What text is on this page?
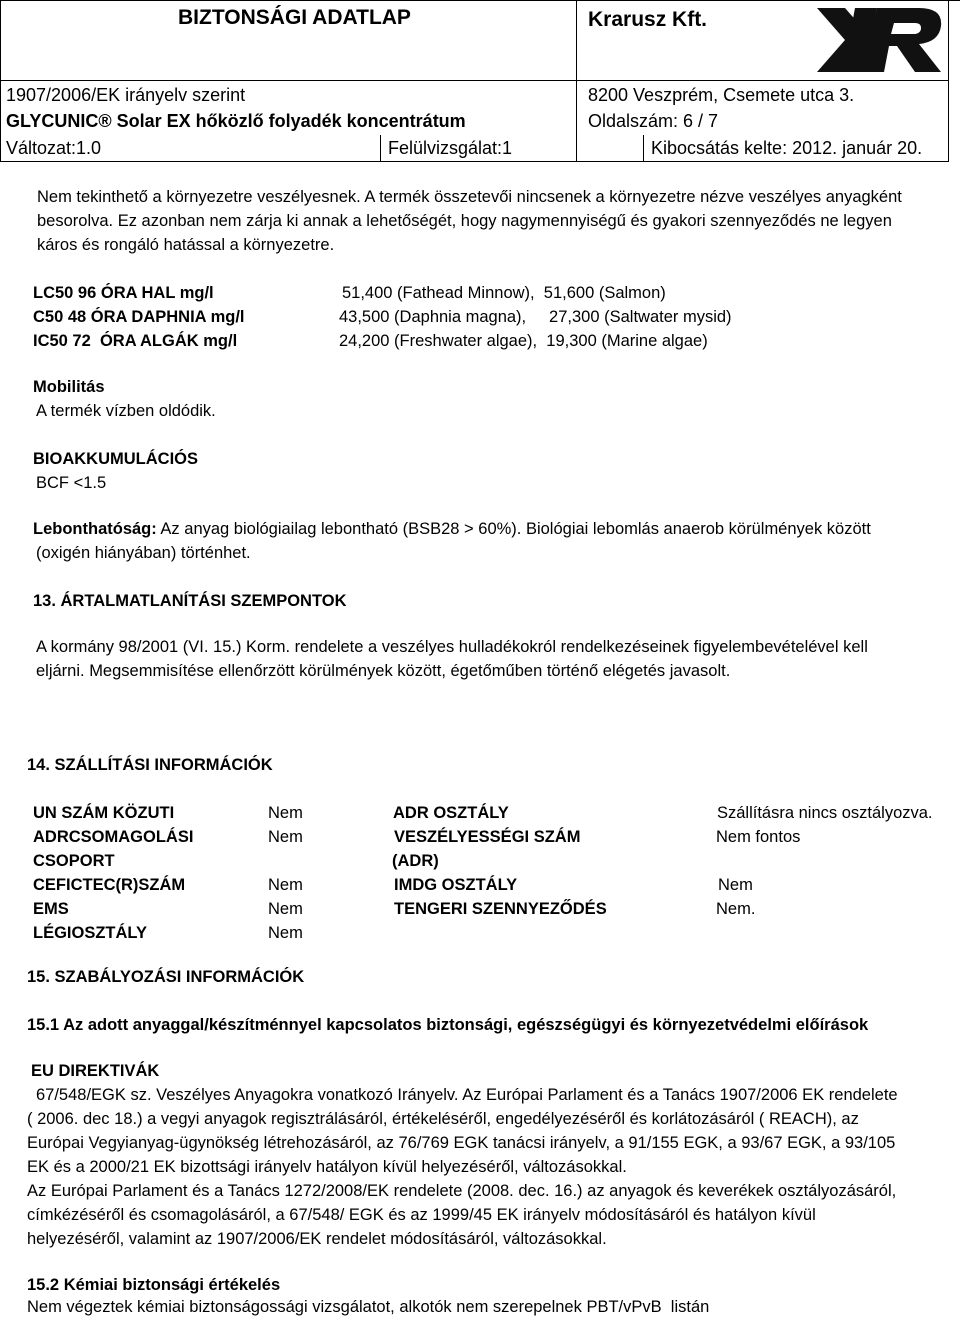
BIZTONSÁGI ADATLAP	Krarusz Kft.
1907/2006/EK irányelv szerint	8200 Veszprém, Csemete utca 3.
GLYCUNIC® Solar EX hőközlő folyadék koncentrátum	Oldalszám: 6 / 7
Változat:1.0	Felülvizsgálat:1	Kibocsátás kelte: 2012. január 20.
Nem tekinthető a környezetre veszélyesnek. A termék összetevői nincsenek a környezetre nézve veszélyes anyagként
besorolva. Ez azonban nem zárja ki annak a lehetőségét, hogy nagymennyiségű és gyakori szennyeződés ne legyen
káros és rongáló hatással a környezetre.
LC50 96 ÓRA HAL mg/l	51,400 (Fathead Minnow),  51,600 (Salmon)
C50 48 ÓRA DAPHNIA mg/l	43,500 (Daphnia magna),     27,300 (Saltwater mysid)
IC50 72  ÓRA ALGÁK mg/l	24,200 (Freshwater algae),  19,300 (Marine algae)
Mobilitás
A termék vízben oldódik.
BIOAKKUMULÁCIÓS
BCF <1.5
Lebonthatóság: Az anyag biológiailag lebontható (BSB28 > 60%). Biológiai lebomlás anaerob körülmények között
(oxigén hiányában) történhet.
13. ÁRTALMATLANÍTÁSI SZEMPONTOK
A kormány 98/2001 (VI. 15.) Korm. rendelete a veszélyes hulladékokról rendelkezéseinek figyelembevételével kell
eljárni. Megsemmisítése ellenőrzött körülmények között, égetőműben történő elégetés javasolt.
14. SZÁLLÍTÁSI INFORMÁCIÓK
UN SZÁM KÖZUTI	Nem	ADR OSZTÁLY	Szállításra nincs osztályozva.
ADRCSOMAGOLÁSI	Nem	VESZÉLYESSÉGI SZÁM	Nem fontos
CSOPORT	(ADR)
CEFICTEC(R)SZÁM	Nem	IMDG OSZTÁLY	Nem
EMS	Nem	TENGERI SZENNYEZŐDÉS	Nem.
LÉGIOSZTÁLY	Nem
15. SZABÁLYOZÁSI INFORMÁCIÓK
15.1 Az adott anyaggal/készítménnyel kapcsolatos biztonsági, egészségügyi és környezetvédelmi előírások
EU DIREKTIVÁK
67/548/EGK sz. Veszélyes Anyagokra vonatkozó Irányelv. Az Európai Parlament és a Tanács 1907/2006 EK rendelete
( 2006. dec 18.) a vegyi anyagok regisztrálásáról, értékeléséről, engedélyezéséről és korlátozásáról ( REACH), az
Európai Vegyianyag-ügynökség létrehozásáról, az 76/769 EGK tanácsi irányelv, a 91/155 EGK, a 93/67 EGK, a 93/105
EK és a 2000/21 EK bizottsági irányelv hatályon kívül helyezéséről, változásokkal.
Az Európai Parlament és a Tanács 1272/2008/EK rendelete (2008. dec. 16.) az anyagok és keverékek osztályozásáról,
címkézéséről és csomagolásáról, a 67/548/ EGK és az 1999/45 EK irányelv módosításáról és hatályon kívül
helyezéséről, valamint az 1907/2006/EK rendelet módosításáról, változásokkal.
15.2 Kémiai biztonsági értékelés
Nem végeztek kémiai biztonságossági vizsgálatot, alkotók nem szerepelnek PBT/vPvB  listán
